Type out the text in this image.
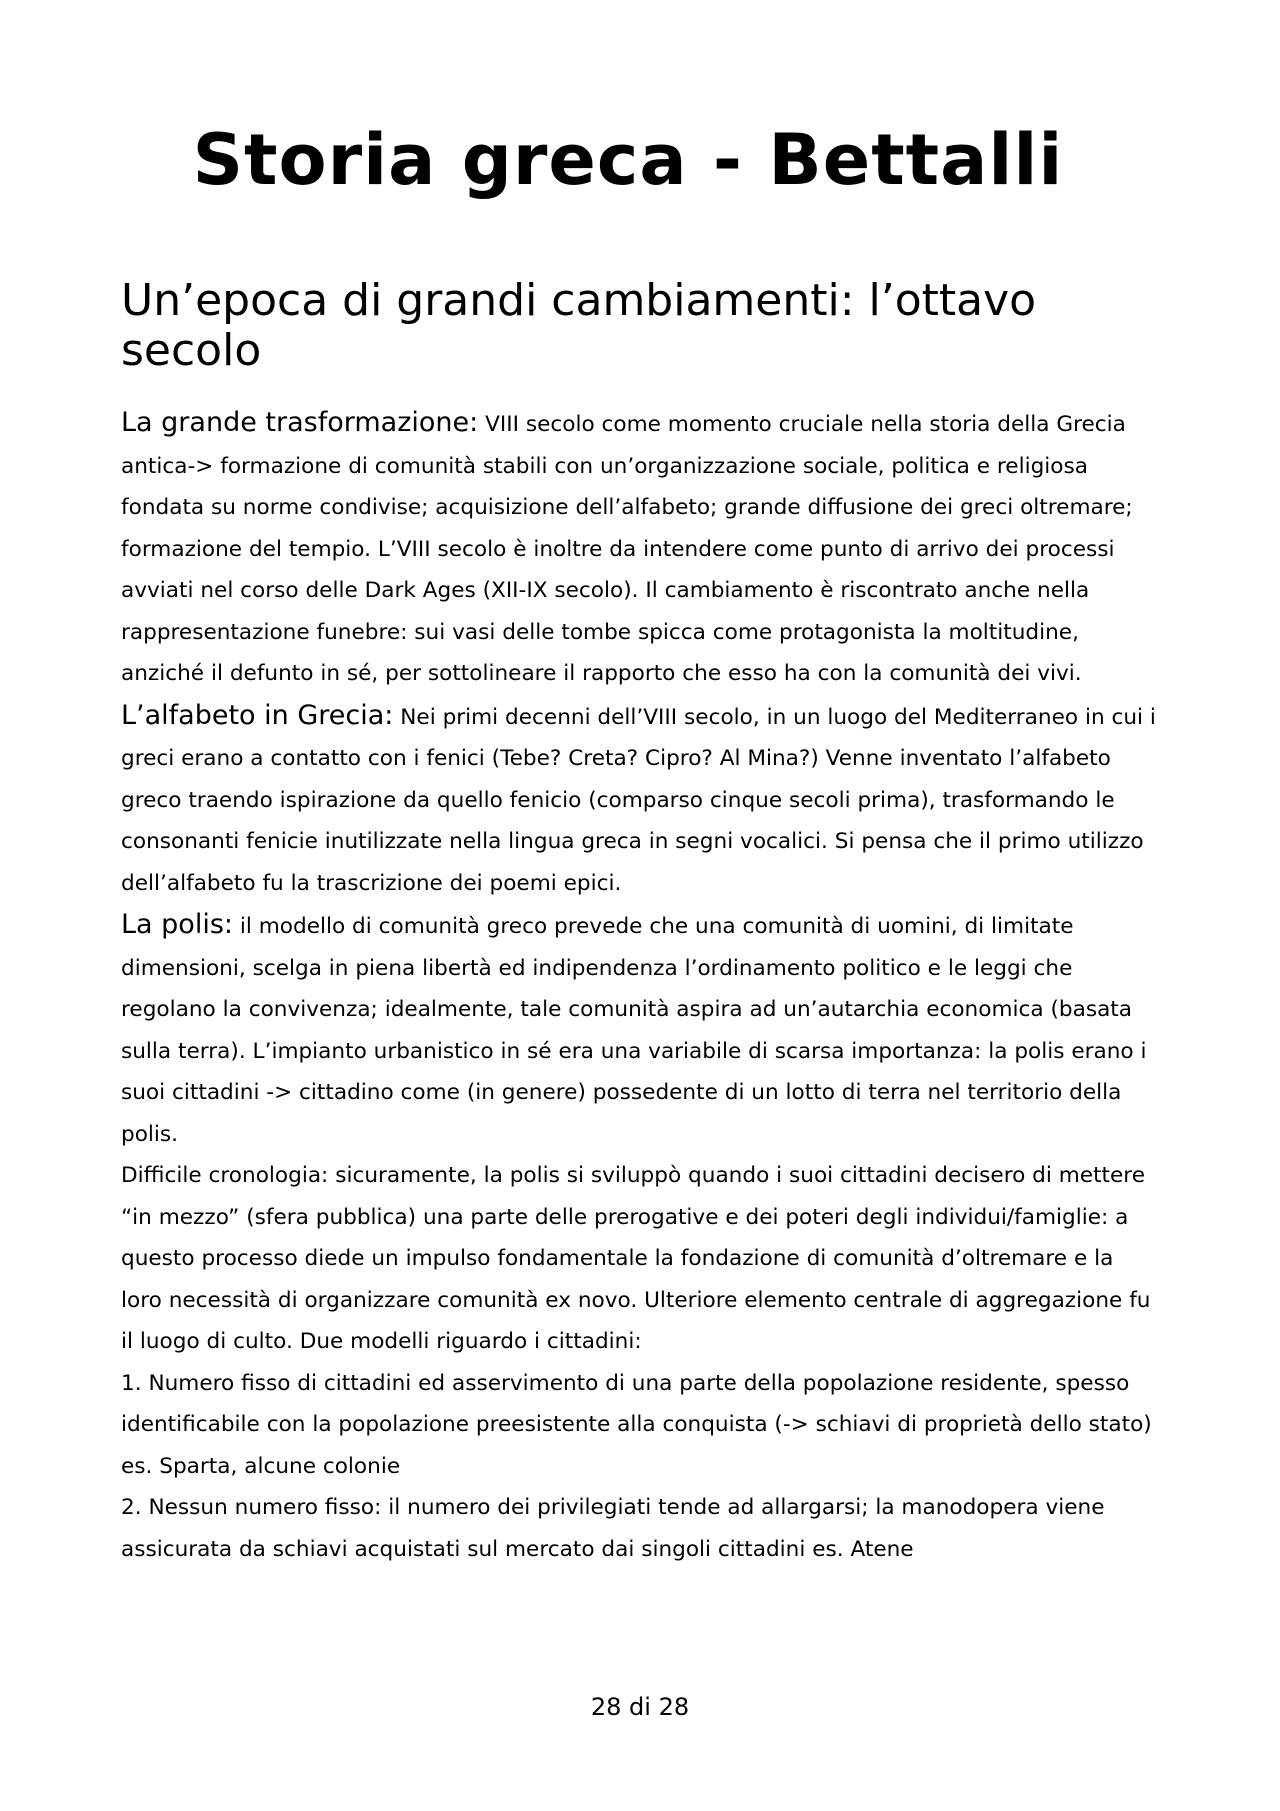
Storia greca - Bettalli
Un’epoca di grandi cambiamenti: l’ottavo secolo

La grande trasformazione: VIII secolo come momento cruciale nella storia della Grecia antica-> formazione di comunità stabili con un’organizzazione sociale, politica e religiosa fondata su norme condivise; acquisizione dell’alfabeto; grande diffusione dei greci oltremare; formazione del tempio. L’VIII secolo è inoltre da intendere come punto di arrivo dei processi avviati nel corso delle Dark Ages (XII-IX secolo). Il cambiamento è riscontrato anche nella rappresentazione funebre: sui vasi delle tombe spicca come protagonista la moltitudine, anziché il defunto in sé, per sottolineare il rapporto che esso ha con la comunità dei vivi.

L’alfabeto in Grecia: Nei primi decenni dell’VIII secolo, in un luogo del Mediterraneo in cui i greci erano a contatto con i fenici (Tebe? Creta? Cipro? Al Mina?) Venne inventato l’alfabeto greco traendo ispirazione da quello fenicio (comparso cinque secoli prima), trasformando le consonanti fenicie inutilizzate nella lingua greca in segni vocalici. Si pensa che il primo utilizzo dell’alfabeto fu la trascrizione dei poemi epici.

La polis: il modello di comunità greco prevede che una comunità di uomini, di limitate dimensioni, scelga in piena libertà ed indipendenza l’ordinamento politico e le leggi che regolano la convivenza; idealmente, tale comunità aspira ad un’autarchia economica (basata sulla terra). L’impianto urbanistico in sé era una variabile di scarsa importanza: la polis erano i suoi cittadini -> cittadino come (in genere) possedente di un lotto di terra nel territorio della polis.

Difficile cronologia: sicuramente, la polis si sviluppò quando i suoi cittadini decisero di mettere “in mezzo” (sfera pubblica) una parte delle prerogative e dei poteri degli individui/famiglie: a questo processo diede un impulso fondamentale la fondazione di comunità d’oltremare e la loro necessità di organizzare comunità ex novo. Ulteriore elemento centrale di aggregazione fu il luogo di culto. Due modelli riguardo i cittadini:

1. Numero fisso di cittadini ed asservimento di una parte della popolazione residente, spesso identificabile con la popolazione preesistente alla conquista (-> schiavi di proprietà dello stato) es. Sparta, alcune colonie

2. Nessun numero fisso: il numero dei privilegiati tende ad allargarsi; la manodopera viene assicurata da schiavi acquistati sul mercato dai singoli cittadini es. Atene

28 di 28
